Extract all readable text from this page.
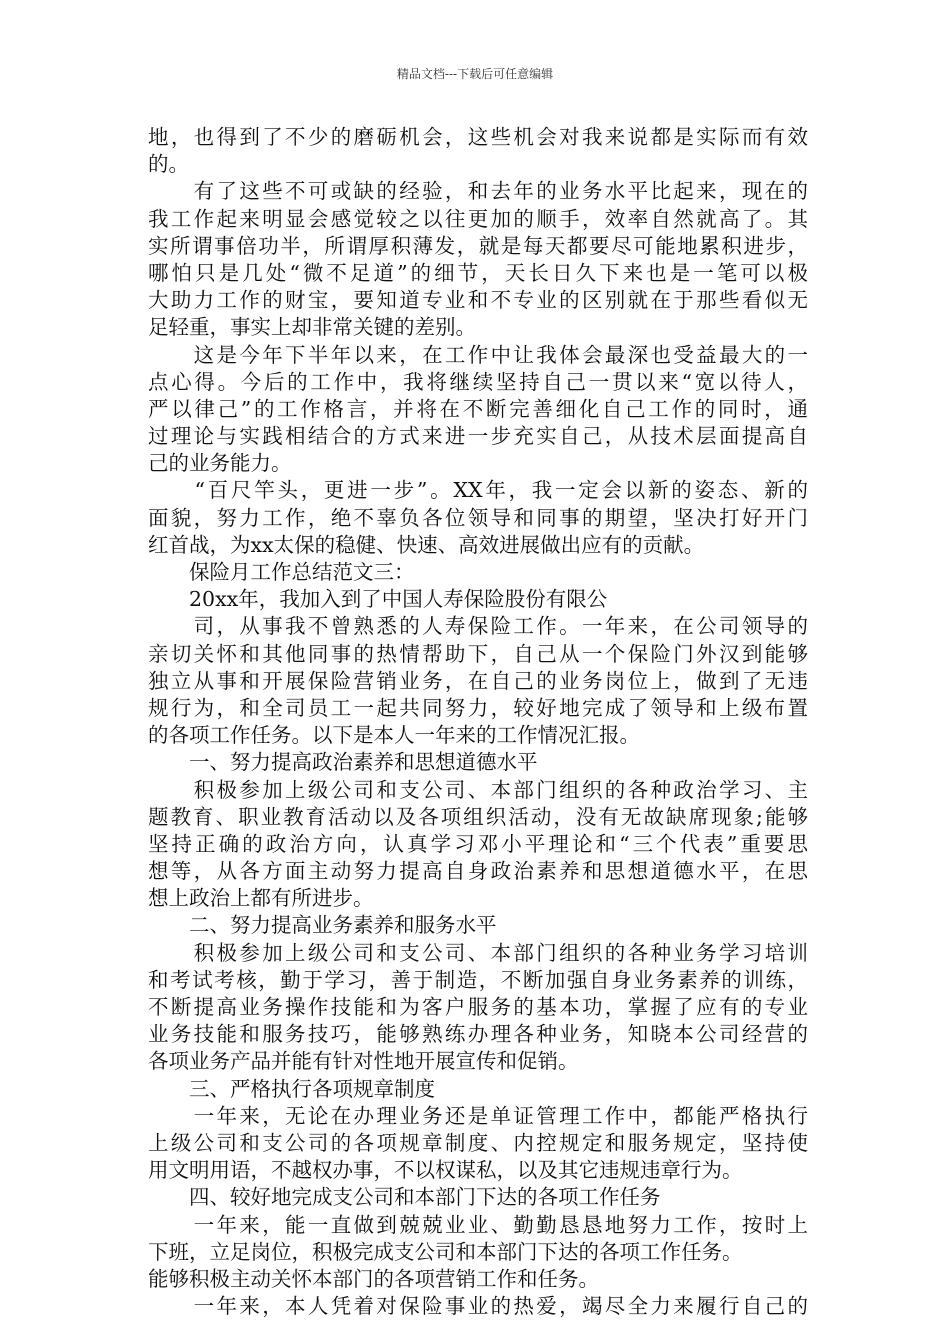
精品文档---下载后可任意编辑
地，也得到了不少的磨砺机会，这些机会对我来说都是实际而有效
的。
　　有了这些不可或缺的经验，和去年的业务水平比起来，现在的
我工作起来明显会感觉较之以往更加的顺手，效率自然就高了。其
实所谓事倍功半，所谓厚积薄发，就是每天都要尽可能地累积进步，
哪怕只是几处“微不足道”的细节，天长日久下来也是一笔可以极
大助力工作的财宝，要知道专业和不专业的区别就在于那些看似无
足轻重，事实上却非常关键的差别。
　　这是今年下半年以来，在工作中让我体会最深也受益最大的一
点心得。今后的工作中，我将继续坚持自己一贯以来“宽以待人，
严以律己”的工作格言，并将在不断完善细化自己工作的同时，通
过理论与实践相结合的方式来进一步充实自己，从技术层面提高自
己的业务能力。
　　“百尺竿头，更进一步”。XX年，我一定会以新的姿态、新的
面貌，努力工作，绝不辜负各位领导和同事的期望，坚决打好开门
红首战，为xx太保的稳健、快速、高效进展做出应有的贡献。
　　保险月工作总结范文三：
　　20xx年，我加入到了中国人寿保险股份有限公
　　司，从事我不曾熟悉的人寿保险工作。一年来，在公司领导的
亲切关怀和其他同事的热情帮助下，自己从一个保险门外汉到能够
独立从事和开展保险营销业务，在自己的业务岗位上，做到了无违
规行为，和全司员工一起共同努力，较好地完成了领导和上级布置
的各项工作任务。以下是本人一年来的工作情况汇报。
　　一、努力提高政治素养和思想道德水平
　　积极参加上级公司和支公司、本部门组织的各种政治学习、主
题教育、职业教育活动以及各项组织活动，没有无故缺席现象;能够
坚持正确的政治方向，认真学习邓小平理论和“三个代表”重要思
想等，从各方面主动努力提高自身政治素养和思想道德水平，在思
想上政治上都有所进步。
　　二、努力提高业务素养和服务水平
　　积极参加上级公司和支公司、本部门组织的各种业务学习培训
和考试考核，勤于学习，善于制造，不断加强自身业务素养的训练，
不断提高业务操作技能和为客户服务的基本功，掌握了应有的专业
业务技能和服务技巧，能够熟练办理各种业务，知晓本公司经营的
各项业务产品并能有针对性地开展宣传和促销。
　　三、严格执行各项规章制度
　　一年来，无论在办理业务还是单证管理工作中，都能严格执行
上级公司和支公司的各项规章制度、内控规定和服务规定，坚持使
用文明用语，不越权办事，不以权谋私，以及其它违规违章行为。
　　四、较好地完成支公司和本部门下达的各项工作任务
　　一年来，能一直做到兢兢业业、勤勤恳恳地努力工作，按时上
下班，立足岗位，积极完成支公司和本部门下达的各项工作任务。
能够积极主动关怀本部门的各项营销工作和任务。
　　一年来，本人凭着对保险事业的热爱，竭尽全力来履行自己的
